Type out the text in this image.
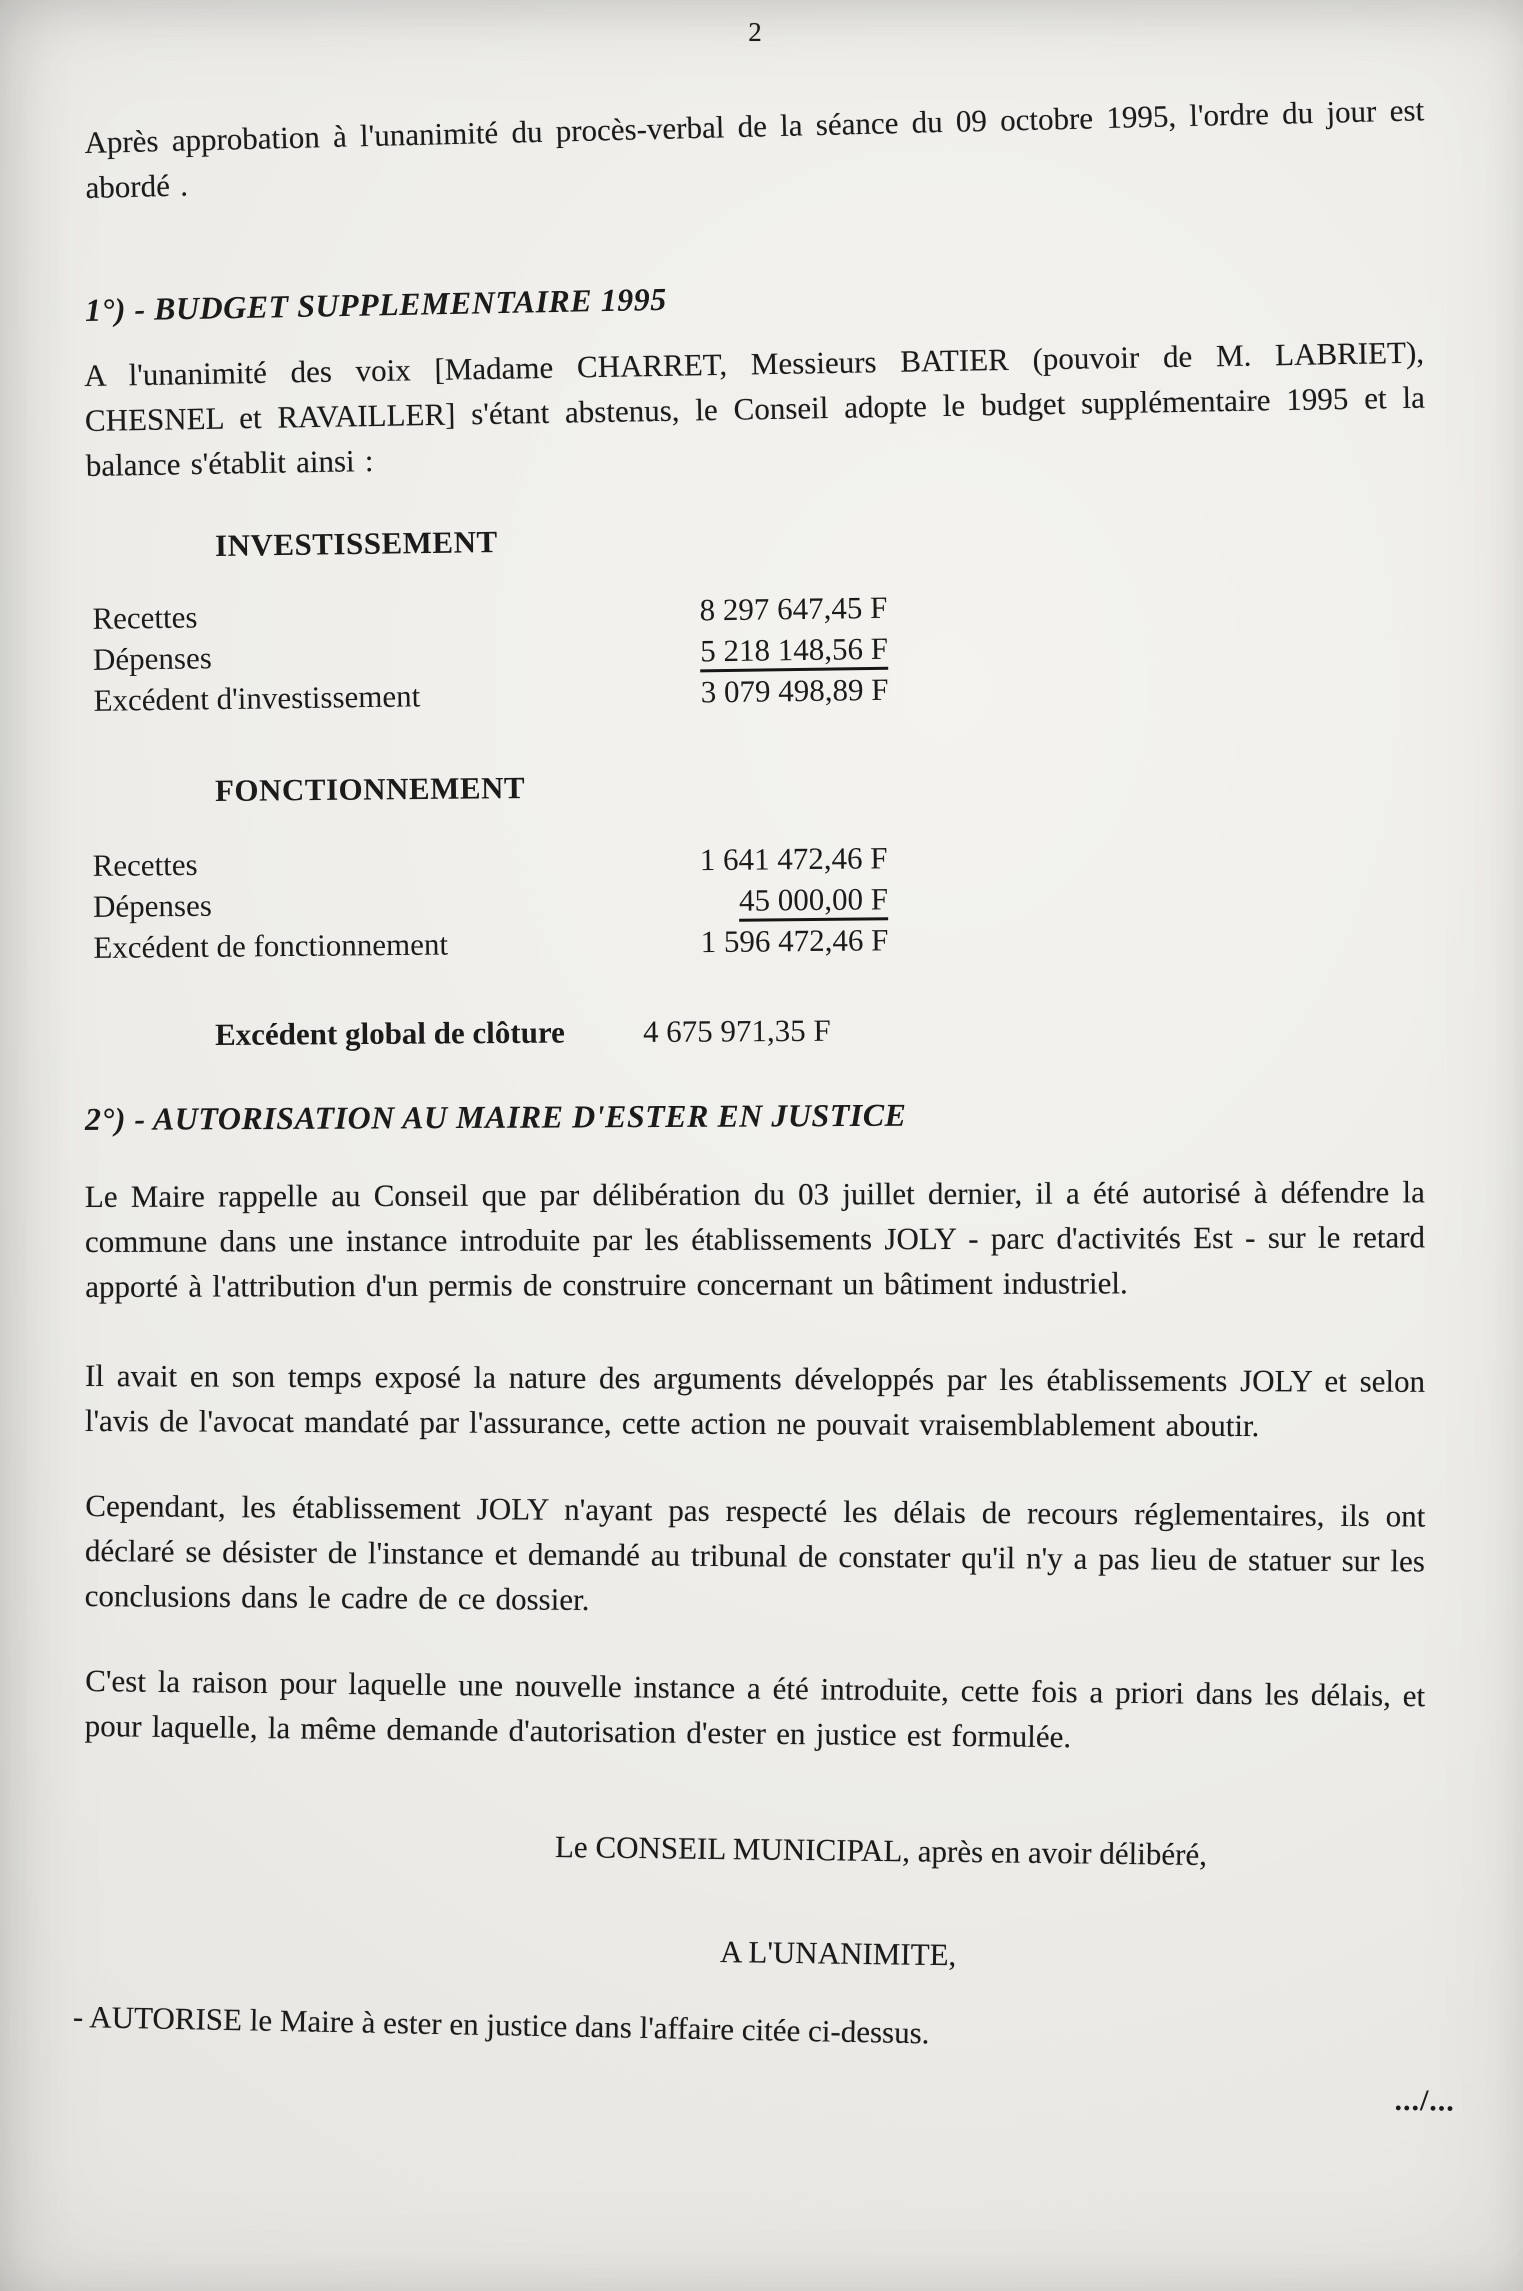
2
Après approbation à l'unanimité du procès-verbal de la séance du 09 octobre 1995, l'ordre du jour est abordé .
1°) - BUDGET SUPPLEMENTAIRE 1995
A l'unanimité des voix [Madame CHARRET, Messieurs BATIER (pouvoir de M. LABRIET), CHESNEL et RAVAILLER] s'étant abstenus, le Conseil adopte le budget supplémentaire 1995 et la balance s'établit ainsi :
INVESTISSEMENT
Recettes	8 297 647,45 F
Dépenses	5 218 148,56 F
Excédent d'investissement	3 079 498,89 F
FONCTIONNEMENT
Recettes	1 641 472,46 F
Dépenses	45 000,00 F
Excédent de fonctionnement	1 596 472,46 F
Excédent global de clôture	4 675 971,35 F
2°) - AUTORISATION AU MAIRE D'ESTER EN JUSTICE
Le Maire rappelle au Conseil que par délibération du 03 juillet dernier, il a été autorisé à défendre la commune dans une instance introduite par les établissements JOLY - parc d'activités Est - sur le retard apporté à l'attribution d'un permis de construire concernant un bâtiment industriel.
Il avait en son temps exposé la nature des arguments développés par les établissements JOLY et selon l'avis de l'avocat mandaté par l'assurance, cette action ne pouvait vraisemblablement aboutir.
Cependant, les établissement JOLY n'ayant pas respecté les délais de recours réglementaires, ils ont déclaré se désister de l'instance et demandé au tribunal de constater qu'il n'y a pas lieu de statuer sur les conclusions dans le cadre de ce dossier.
C'est la raison pour laquelle une nouvelle instance a été introduite, cette fois a priori dans les délais, et pour laquelle, la même demande d'autorisation d'ester en justice est formulée.
Le CONSEIL MUNICIPAL, après en avoir délibéré,
A L'UNANIMITE,
- AUTORISE le Maire à ester en justice dans l'affaire citée ci-dessus.
.../...
